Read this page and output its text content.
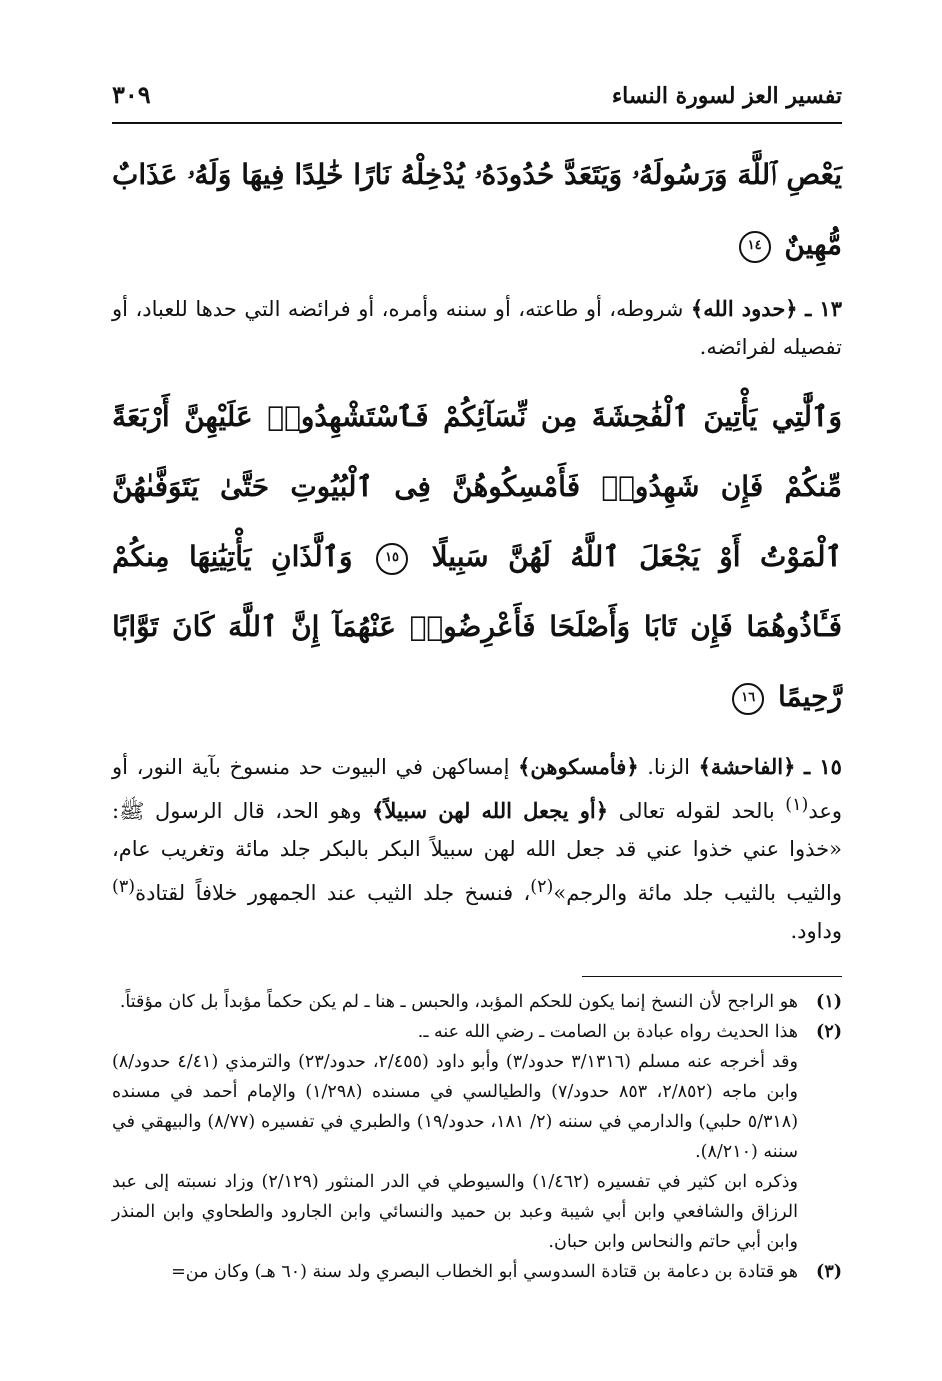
تفسير العز لسورة النساء
٣٠٩
يَعْصِ ٱللَّهَ وَرَسُولَهُۥ وَيَتَعَدَّ حُدُودَهُۥ يُدْخِلْهُ نَارًا خَٰلِدًا فِيهَا وَلَهُۥ عَذَابٌ مُّهِينٌ ١٤
١٣ ـ ﴿حدود الله﴾ شروطه، أو طاعته، أو سننه وأمره، أو فرائضه التي حدها للعباد، أو تفصيله لفرائضه.
وَٱلَّٰتِي يَأْتِينَ ٱلْفَٰحِشَةَ مِن نِّسَآئِكُمْ فَٱسْتَشْهِدُوا۟ عَلَيْهِنَّ أَرْبَعَةً مِّنكُمْ فَإِن شَهِدُوا۟ فَأَمْسِكُوهُنَّ فِى ٱلْبُيُوتِ حَتَّىٰ يَتَوَفَّىٰهُنَّ ٱلْمَوْتُ أَوْ يَجْعَلَ ٱللَّهُ لَهُنَّ سَبِيلًا ١٥ وَٱلَّذَانِ يَأْتِيَٰنِهَا مِنكُمْ فَـَٔاذُوهُمَا فَإِن تَابَا وَأَصْلَحَا فَأَعْرِضُوا۟ عَنْهُمَآ إِنَّ ٱللَّهَ كَانَ تَوَّابًا رَّحِيمًا ١٦
١٥ ـ ﴿الفاحشة﴾ الزنا. ﴿فأمسكوهن﴾ إمساكهن في البيوت حد منسوخ بآية النور، أو وعد$^{(١)}$ بالحد لقوله تعالى ﴿أو يجعل الله لهن سبيلاً﴾ وهو الحد، قال الرسول ﷺ: «خذوا عني خذوا عني قد جعل الله لهن سبيلاً البكر بالبكر جلد مائة وتغريب عام، والثيب بالثيب جلد مائة والرجم»$^{(٢)}$، فنسخ جلد الثيب عند الجمهور خلافاً لقتادة$^{(٣)}$ وداود.
(١)

هو الراجح لأن النسخ إنما يكون للحكم المؤبد، والحبس ـ هنا ـ لم يكن حكماً مؤبداً بل كان مؤقتاً.

(٢)

هذا الحديث رواه عبادة بن الصامت ـ رضي الله عنه ـ.

وقد أخرجه عنه مسلم (٣/١٣١٦ حدود/٣) وأبو داود (٢/٤٥٥، حدود/٢٣) والترمذي (٤/٤١ حدود/٨) وابن ماجه (٢/٨٥٢، ٨٥٣ حدود/٧) والطيالسي في مسنده (١/٢٩٨) والإمام أحمد في مسنده (٥/٣١٨ حلبي) والدارمي في سننه (٢/ ١٨١، حدود/١٩) والطبري في تفسيره (٨/٧٧) والبيهقي في سننه (٨/٢١٠).

وذكره ابن كثير في تفسيره (١/٤٦٢) والسيوطي في الدر المنثور (٢/١٢٩) وزاد نسبته إلى عبد الرزاق والشافعي وابن أبي شيبة وعبد بن حميد والنسائي وابن الجارود والطحاوي وابن المنذر وابن أبي حاتم والنحاس وابن حبان.

(٣)

هو قتادة بن دعامة بن قتادة السدوسي أبو الخطاب البصري ولد سنة (٦٠ هـ) وكان من=
